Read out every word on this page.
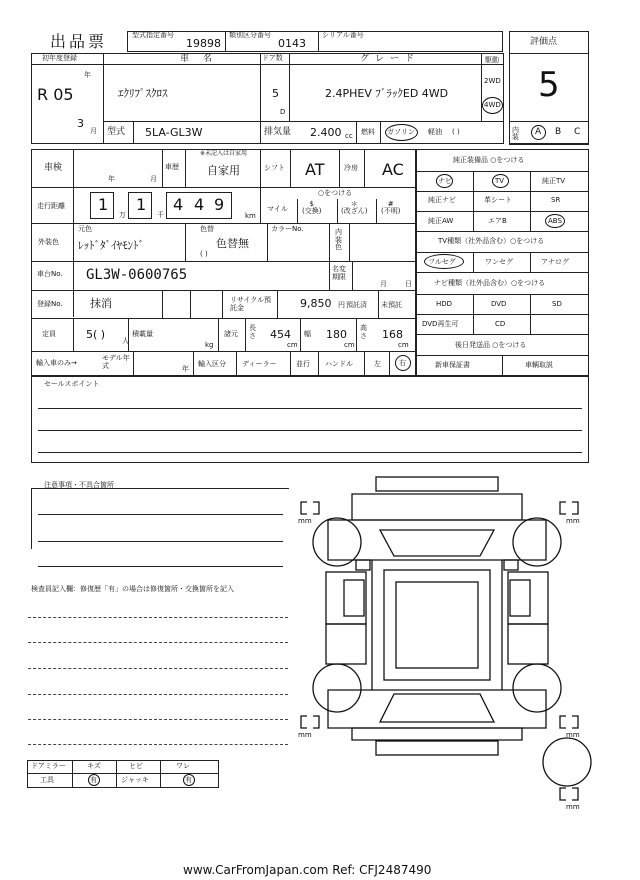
出品票	型式指定番号
19898
類別区分番号
0143
シリアル番号
評価点
5
初年度登録
年
R 05
3
月
車名
ｴｸﾘﾌﾟｽｸﾛｽ
ドア数
5
D
グレード
2.4PHEV ﾌﾞﾗｯｸED 4WD
駆動
2WD
4WD
型式 5LA-GL3W	排気量 2.400 cc 燃料 ガソリン 軽油 ( )	内装	A B C
車検
年	月
車歴
※未記入は自家用
自家用	シフト AT	冷房 AC
走行距離 1 1
万	千
4 4 9
km
○をつける
マイル
$
(交換)
＊
(改ざん)
#
(不明)
外装色
元色
ﾚｯﾄﾞﾀﾞｲﾔﾓﾝﾄﾞ
色替
色替無
( )
カラーNo.	内装色
車台No. GL3W-0600765	名変期限
月	日
登録No. 抹消	リサイクル預託金	9,850 円 預託済 未預託
定員	5( ) 人
積載量
kg
諸元
長さ 454
cm
幅 180
cm
高さ 168
cm
輸入車のみ→
モデル年式	年
輸入区分 ディーラー	並行 ハンドル	左	右
純正装備品 ○をつける
ナビ	TV	純正TV
純正ナビ	革シート	SR
純正AW	エアB	ABS
TV種類（社外品含む）○をつける
フルセグ	ワンセグ	アナログ
ナビ種類（社外品含む）○をつける
HDD	DVD	SD
DVD再生可	CD
後日発送品 ○をつける
新車保証書	車輌取説
セールスポイント
注意事項・不具合箇所
検査員記入欄：修復歴「有」の場合は修復箇所・交換箇所を記入
ドアミラー	キズ	ヒビ	ワレ
工具	有	ジャッキ	有
mm	mm
mm	mm
mm
www.CarFromJapan.com Ref: CFJ2487490
